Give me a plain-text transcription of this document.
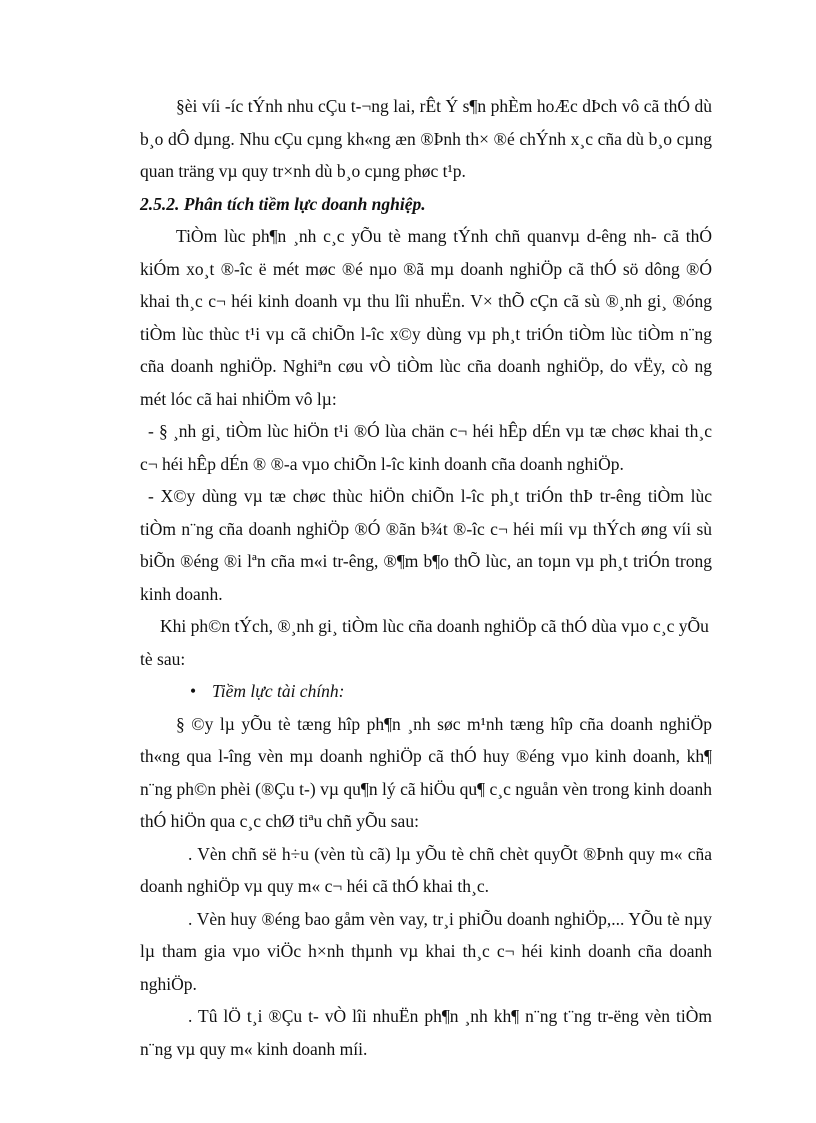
§èi víi -íc tÝnh nhu cÇu t-¬ng lai, rÊt Ý s¶n phÈm hoÆc dÞch vô cã thÓ dù b¸o dÔ dµng. Nhu cÇu cµng kh«ng æn ®Þnh th× ®é chÝnh x¸c cña dù b¸o cµng quan träng vµ quy tr×nh dù b¸o cµng phøc t¹p.

2.5.2. Phân tích tiềm lực doanh nghiệp.

TiÒm lùc ph¶n ¸nh c¸c yÕu tè mang tÝnh chñ quanvµ d-êng nh- cã thÓ kiÓm xo¸t ®-îc ë mét møc ®é nµo ®ã mµ doanh nghiÖp cã thÓ sö dông ®Ó khai th¸c c¬ héi kinh doanh vµ thu lîi nhuËn. V× thÕ cÇn cã sù ®¸nh gi¸ ®óng tiÒm lùc thùc t¹i vµ cã chiÕn l-îc x©y dùng vµ ph¸t triÓn tiÒm lùc tiÒm n¨ng cña doanh nghiÖp. Nghiªn cøu vÒ tiÒm lùc cña doanh nghiÖp, do vËy, cò ng mét lóc cã hai nhiÖm vô lµ:

- § ¸nh gi¸ tiÒm lùc hiÖn t¹i ®Ó lùa chän c¬ héi hÊp dÉn vµ tæ chøc khai th¸c c¬ héi hÊp dÉn ® ®-a vµo chiÕn l-îc kinh doanh cña doanh nghiÖp.

- X©y dùng vµ tæ chøc thùc hiÖn chiÕn l-îc ph¸t triÓn thÞ tr-êng tiÒm lùc tiÒm n¨ng cña doanh nghiÖp ®Ó ®ãn b¾t ®-îc c¬ héi míi vµ thÝch øng víi sù biÕn ®éng ®i lªn cña m«i tr-êng, ®¶m b¶o thÕ lùc, an toµn vµ ph¸t triÓn trong kinh doanh.

Khi ph©n tÝch, ®¸nh gi¸ tiÒm lùc cña doanh nghiÖp cã thÓ dùa vµo c¸c yÕu tè sau:

• Tiềm lực tài chính:

§ ©y lµ yÕu tè tæng hîp ph¶n ¸nh søc m¹nh tæng hîp cña doanh nghiÖp th«ng qua l-îng vèn mµ doanh nghiÖp cã thÓ huy ®éng vµo kinh doanh, kh¶ n¨ng ph©n phèi (®Çu t-) vµ qu¶n lý cã hiÖu qu¶ c¸c nguån vèn trong kinh doanh thÓ hiÖn qua c¸c chØ tiªu chñ yÕu sau:

. Vèn chñ së h÷u (vèn tù cã) lµ yÕu tè chñ chèt quyÕt ®Þnh quy m« cña doanh nghiÖp vµ quy m« c¬ héi cã thÓ khai th¸c.

. Vèn huy ®éng bao gåm vèn vay, tr¸i phiÕu doanh nghiÖp,... YÕu tè nµy lµ tham gia vµo viÖc h×nh thµnh vµ khai th¸c c¬ héi kinh doanh cña doanh nghiÖp.

. Tû lÖ t¸i ®Çu t- vÒ lîi nhuËn ph¶n ¸nh kh¶ n¨ng t¨ng tr-ëng vèn tiÒm n¨ng vµ quy m« kinh doanh míi.
